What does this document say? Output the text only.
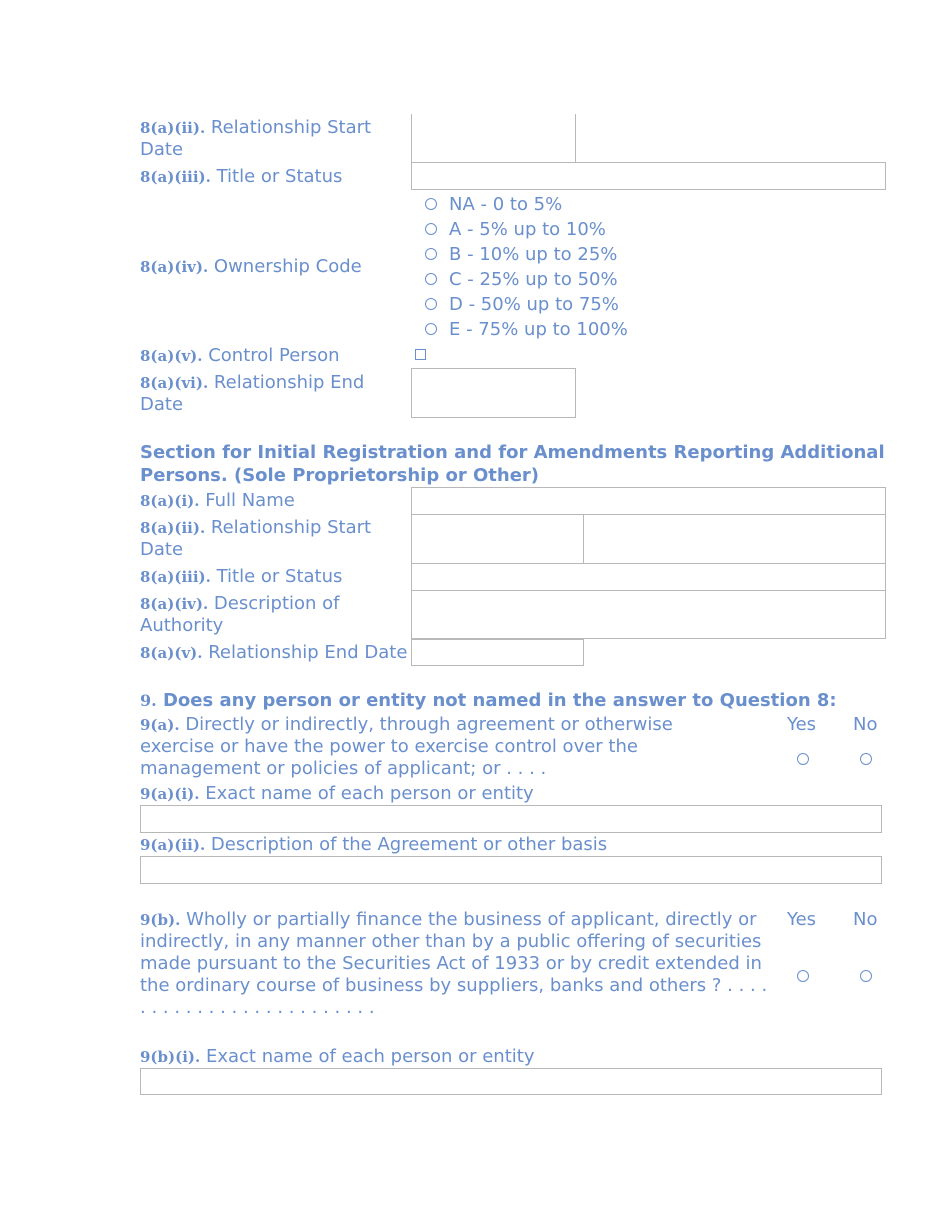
8(a)(ii). Relationship Start Date
8(a)(iii). Title or Status
8(a)(iv). Ownership Code
NA - 0 to 5%
A - 5% up to 10%
B - 10% up to 25%
C - 25% up to 50%
D - 50% up to 75%
E - 75% up to 100%
8(a)(v). Control Person
8(a)(vi). Relationship End Date
Section for Initial Registration and for Amendments Reporting Additional Persons. (Sole Proprietorship or Other)
8(a)(i). Full Name
8(a)(ii). Relationship Start Date
8(a)(iii). Title or Status
8(a)(iv). Description of Authority
8(a)(v). Relationship End Date
9. Does any person or entity not named in the answer to Question 8:
9(a). Directly or indirectly, through agreement or otherwise exercise or have the power to exercise control over the management or policies of applicant; or . . . .
Yes No
9(a)(i). Exact name of each person or entity
9(a)(ii). Description of the Agreement or other basis
9(b). Wholly or partially finance the business of applicant, directly or indirectly, in any manner other than by a public offering of securities made pursuant to the Securities Act of 1933 or by credit extended in the ordinary course of business by suppliers, banks and others ? . . . . . . . . . . . . . . . . . . . . . . . . .
Yes No
9(b)(i). Exact name of each person or entity
